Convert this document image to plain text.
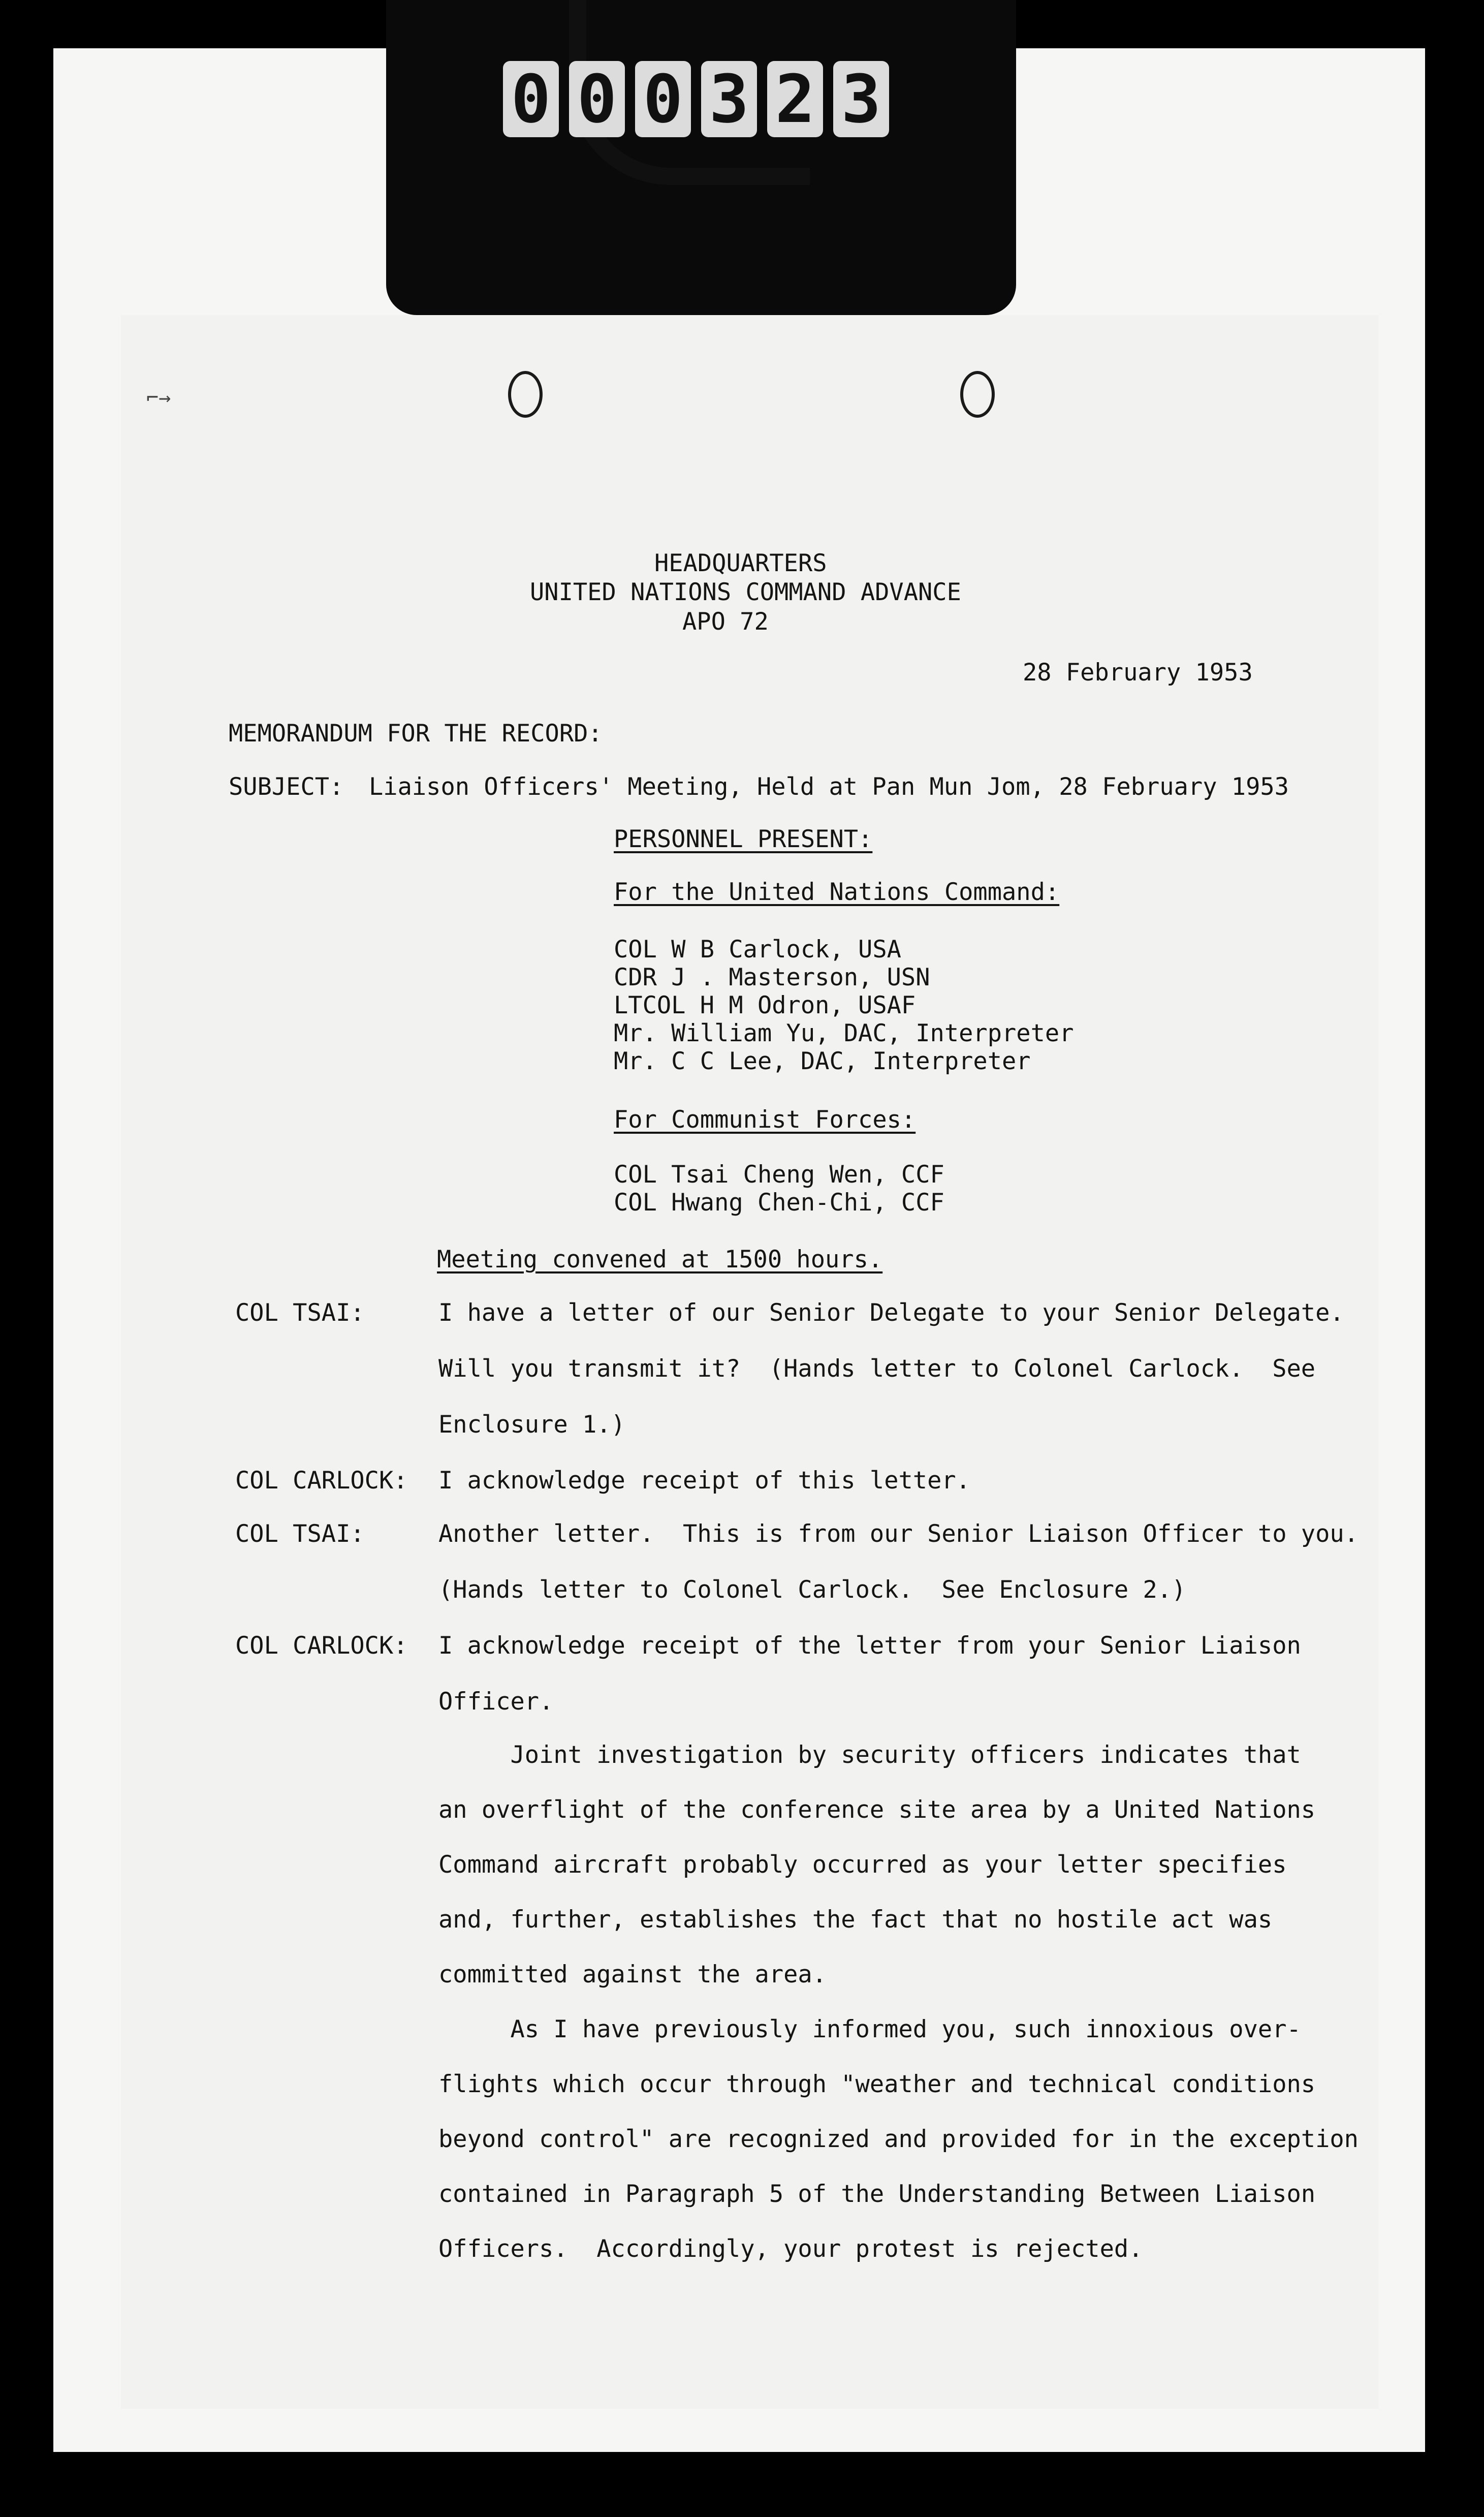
0 0 0 3 2 3
⌐→
HEADQUARTERS
UNITED NATIONS COMMAND ADVANCE
APO 72
28 February 1953
MEMORANDUM FOR THE RECORD:
SUBJECT: Liaison Officers' Meeting, Held at Pan Mun Jom, 28 February 1953
PERSONNEL PRESENT:
For the United Nations Command:
COL W B Carlock, USA
CDR J . Masterson, USN
LTCOL H M Odron, USAF
Mr. William Yu, DAC, Interpreter
Mr. C C Lee, DAC, Interpreter
For Communist Forces:
COL Tsai Cheng Wen, CCF
COL Hwang Chen-Chi, CCF
Meeting convened at 1500 hours.
COL TSAI:	I have a letter of our Senior Delegate to your Senior Delegate.
Will you transmit it?  (Hands letter to Colonel Carlock.  See
Enclosure 1.)
COL CARLOCK: I acknowledge receipt of this letter.
COL TSAI:	Another letter.  This is from our Senior Liaison Officer to you.
(Hands letter to Colonel Carlock.  See Enclosure 2.)
COL CARLOCK: I acknowledge receipt of the letter from your Senior Liaison
Officer.
Joint investigation by security officers indicates that
an overflight of the conference site area by a United Nations
Command aircraft probably occurred as your letter specifies
and, further, establishes the fact that no hostile act was
committed against the area.
As I have previously informed you, such innoxious over-
flights which occur through "weather and technical conditions
beyond control" are recognized and provided for in the exception
contained in Paragraph 5 of the Understanding Between Liaison
Officers.  Accordingly, your protest is rejected.
